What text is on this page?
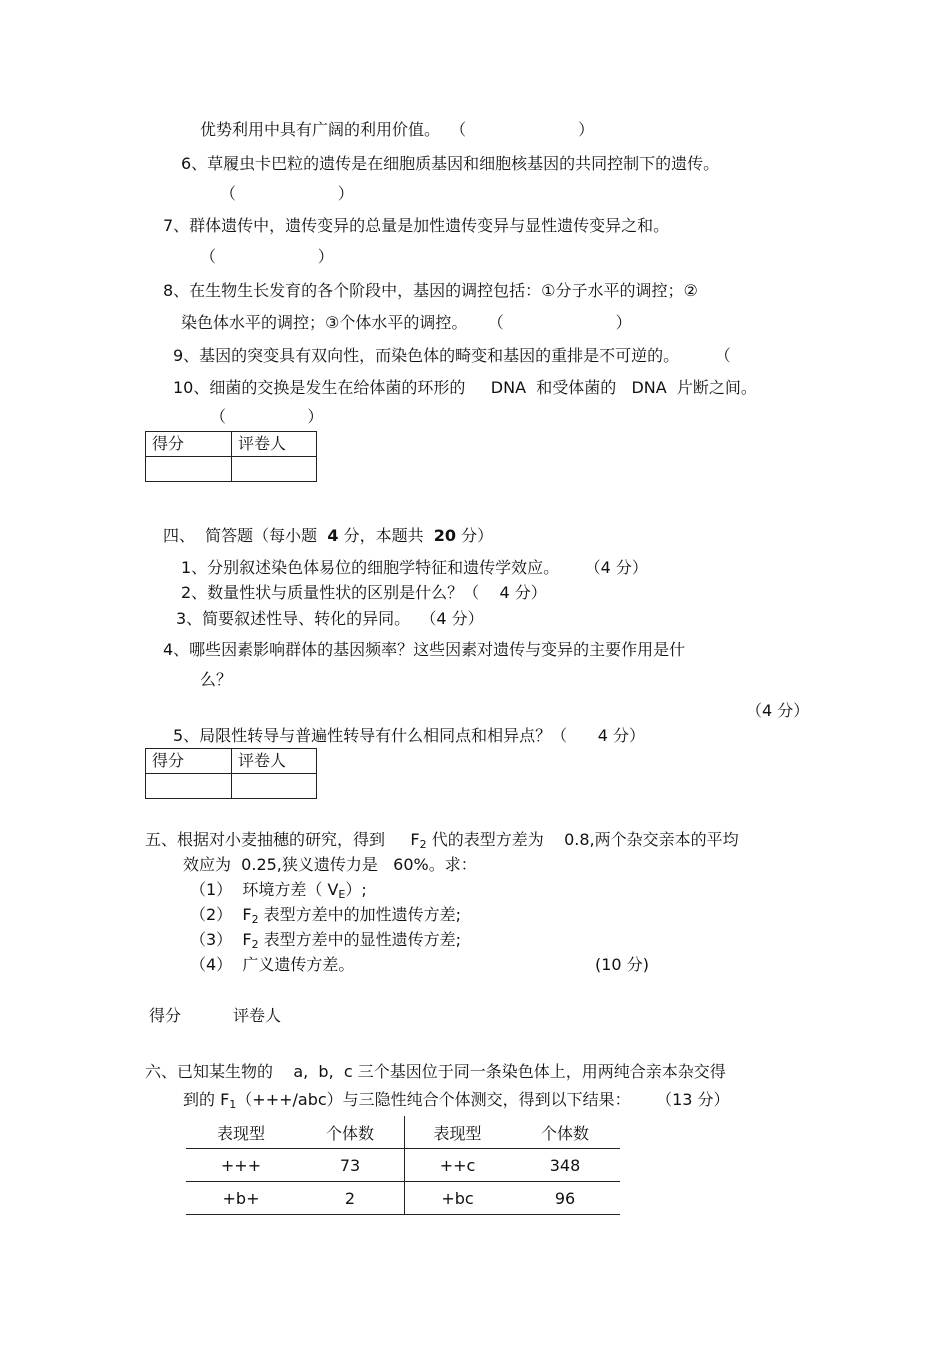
优势利用中具有广阔的利用价值。  （                      ）
6、草履虫卡巴粒的遗传是在细胞质基因和细胞核基因的共同控制下的遗传。
（                    ）
7、群体遗传中，遗传变异的总量是加性遗传变异与显性遗传变异之和。
（                    ）
8、在生物生长发育的各个阶段中，基因的调控包括：①分子水平的调控；②
染色体水平的调控；③个体水平的调控。    （                      ）
9、基因的突变具有双向性，而染色体的畸变和基因的重排是不可逆的。       （
10、细菌的交换是发生在给体菌的环形的     DNA  和受体菌的   DNA  片断之间。
（                ）
得分	评卷人

四、  简答题（每小题  4 分，本题共  20 分）
1、分别叙述染色体易位的细胞学特征和遗传学效应。     （4 分）
2、数量性状与质量性状的区别是什么？（    4 分）
3、简要叙述性导、转化的异同。  （4 分）
4、哪些因素影响群体的基因频率？这些因素对遗传与变异的主要作用是什
么？
（4 分）
5、局限性转导与普遍性转导有什么相同点和相异点？（      4 分）
得分	评卷人

五、根据对小麦抽穗的研究，得到     $F_2$ 代的表型方差为    0.8,两个杂交亲本的平均
效应为  0.25,狭义遗传力是   60%。求：
（1）  环境方差（ $V_E$）;
（2）  $F_2$ 表型方差中的加性遗传方差;
（3）  $F_2$ 表型方差中的显性遗传方差;
（4）  广义遗传方差。	(10 分)
得分	评卷人
六、已知某生物的    a,  b,  c 三个基因位于同一条染色体上，用两纯合亲本杂交得
到的 $F_1(+++/abc)$与三隐性纯合个体测交，得到以下结果：     （13 分）
表现型	个体数	表现型	个体数
+++	73	++c	348
+b+	2	+bc	96
